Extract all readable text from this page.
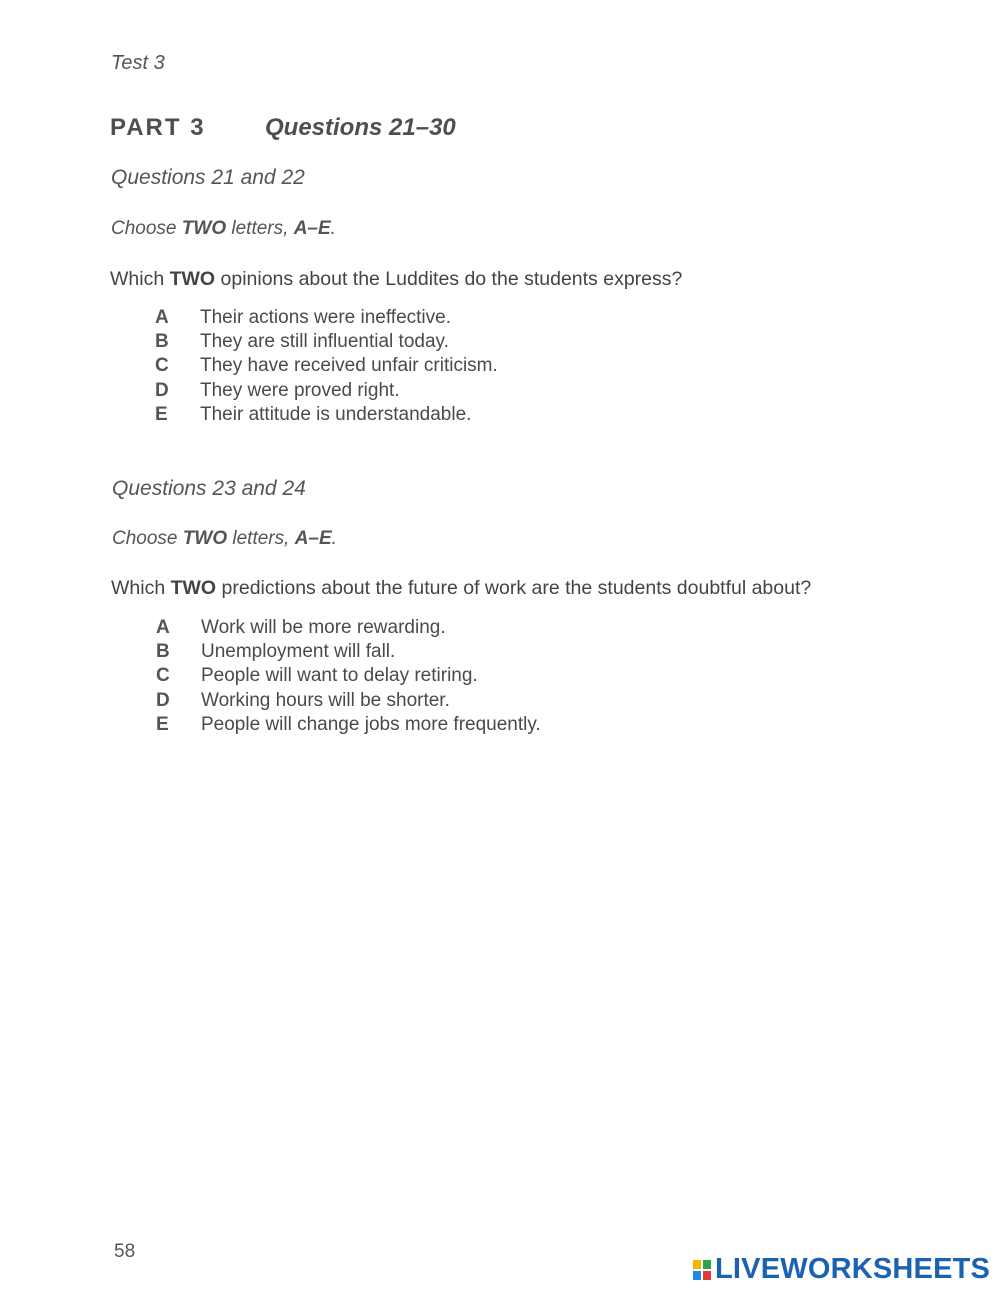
Test 3
PART 3 Questions 21–30
Questions 21 and 22
Choose TWO letters, A–E.
Which TWO opinions about the Luddites do the students express?
A	Their actions were ineffective.
B	They are still influential today.
C	They have received unfair criticism.
D	They were proved right.
E	Their attitude is understandable.
Questions 23 and 24
Choose TWO letters, A–E.
Which TWO predictions about the future of work are the students doubtful about?
A	Work will be more rewarding.
B	Unemployment will fall.
C	People will want to delay retiring.
D	Working hours will be shorter.
E	People will change jobs more frequently.
58
LIVEWORKSHEETS
